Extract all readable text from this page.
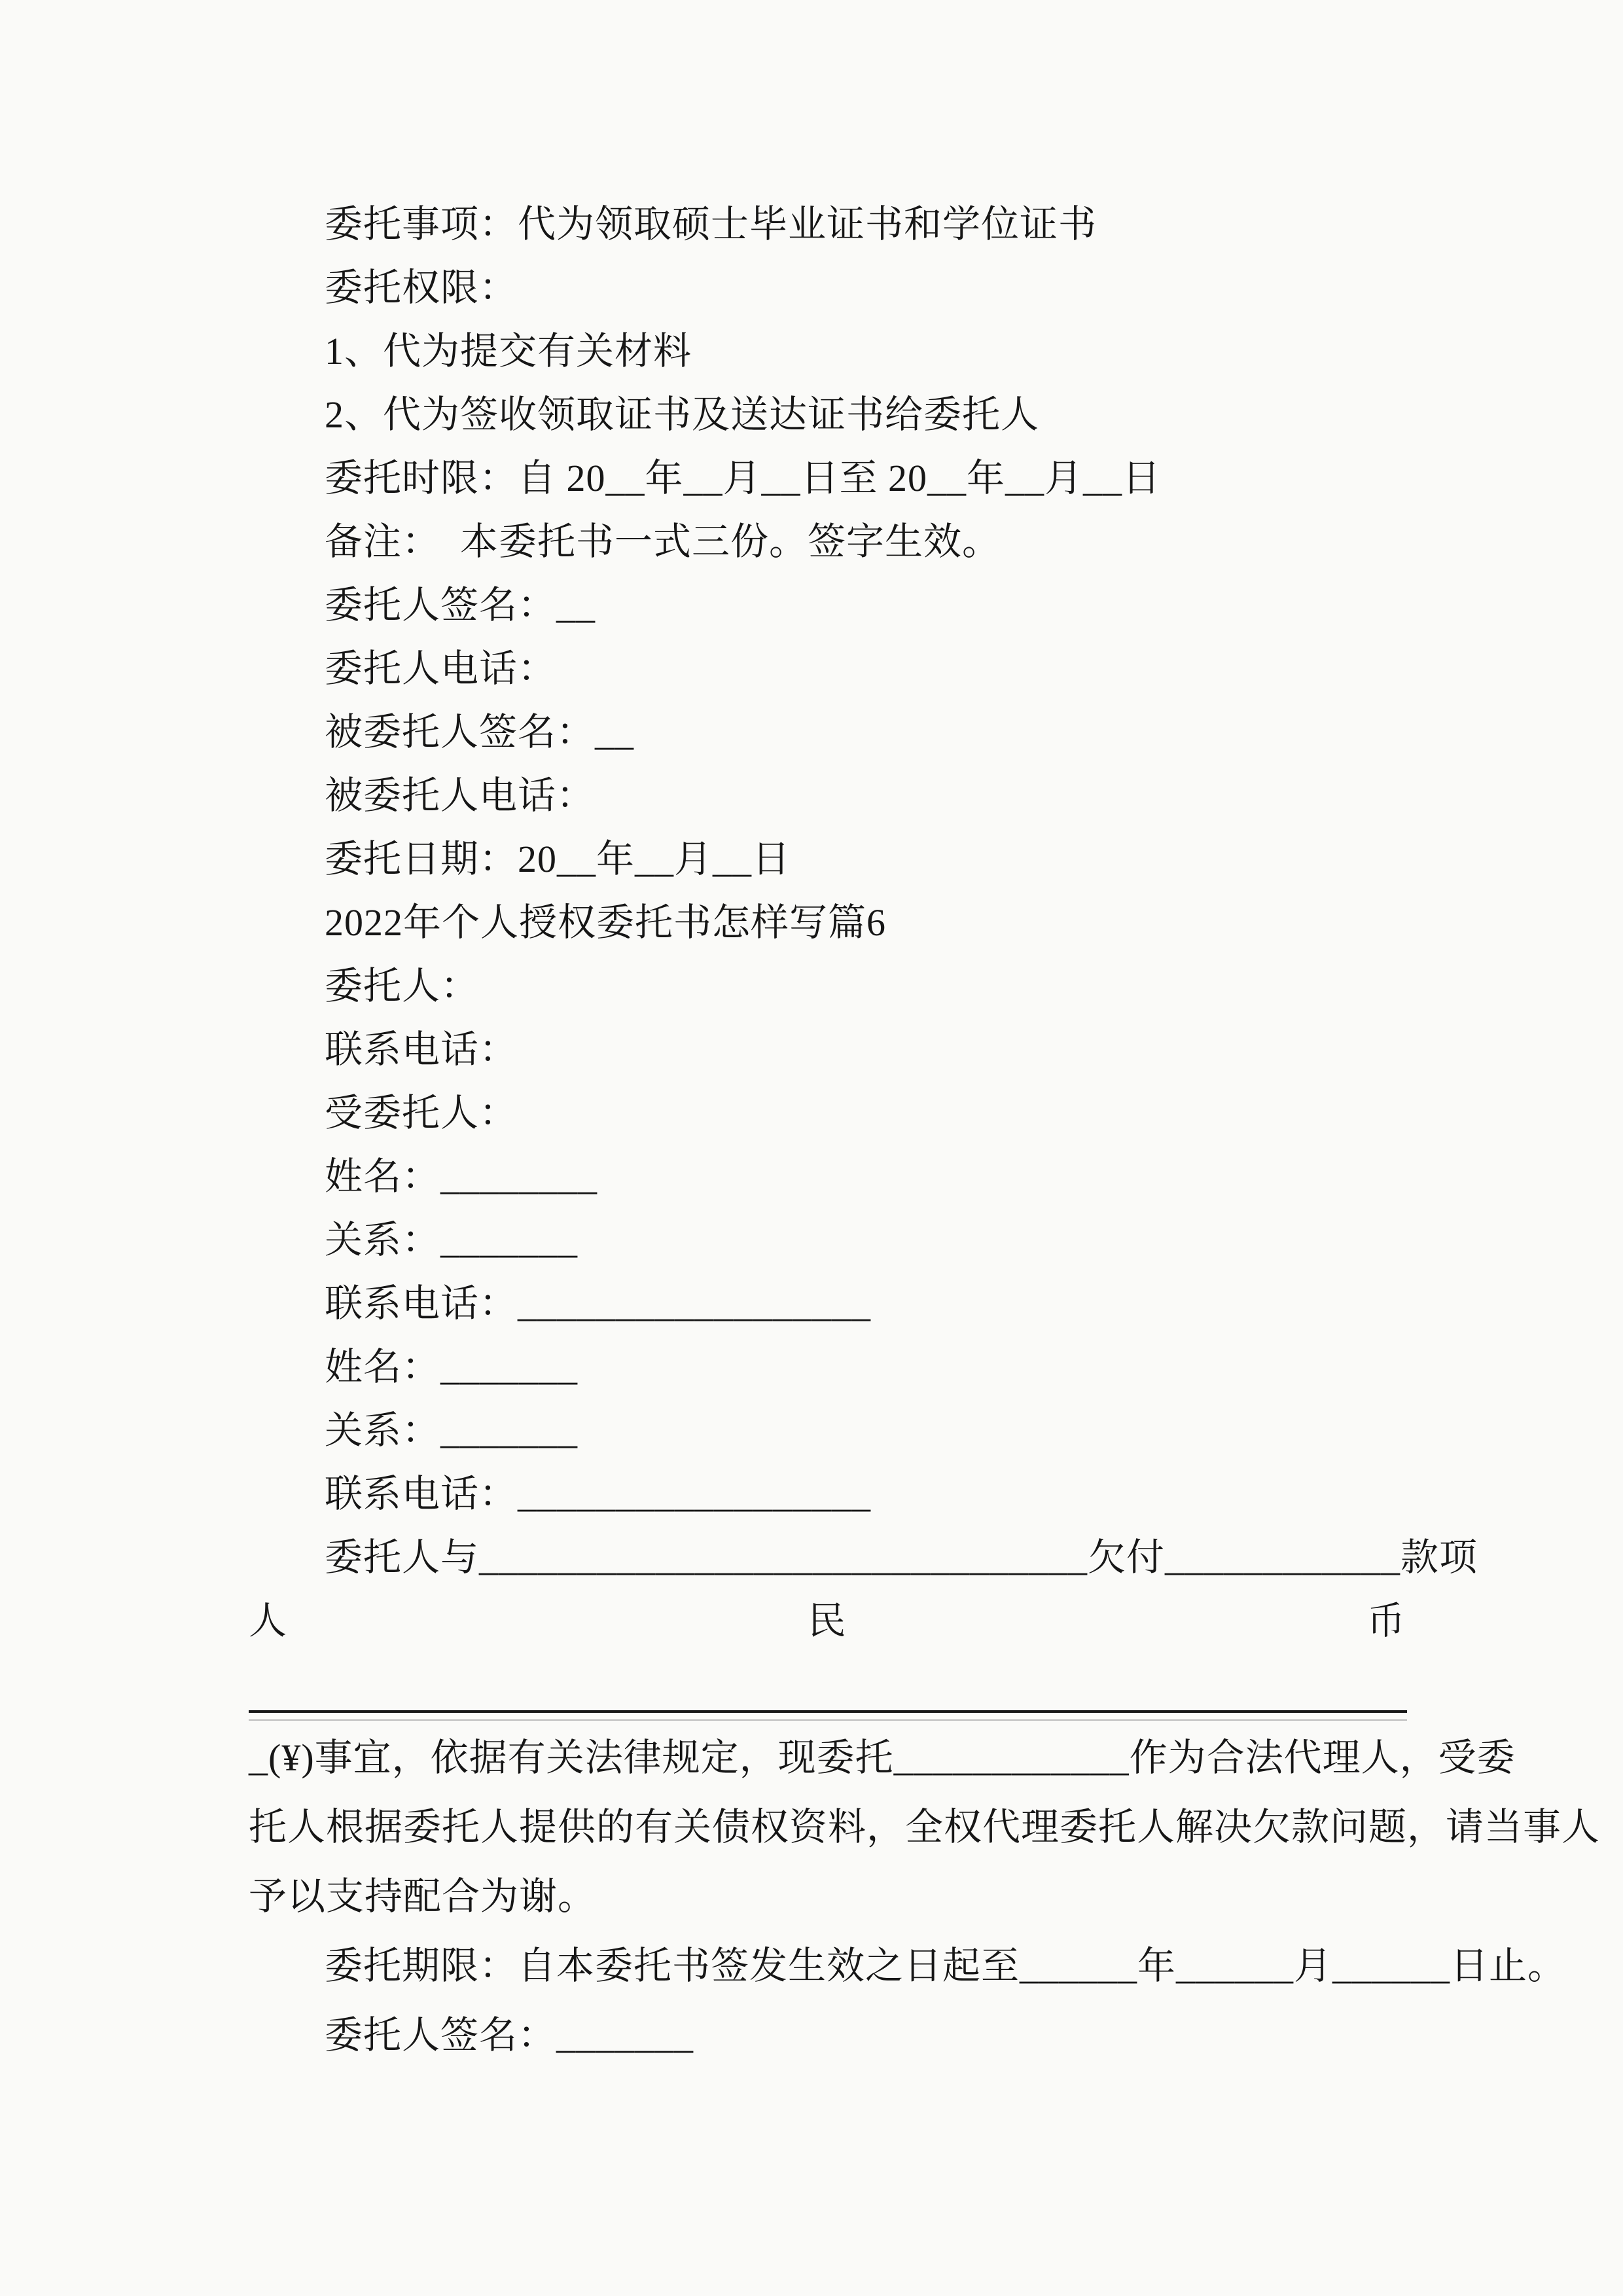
委托事项：代为领取硕士毕业证书和学位证书
委托权限：
1、代为提交有关材料
2、代为签收领取证书及送达证书给委托人
委托时限：自 20__年__月__日至 20__年__月__日
备注：　本委托书一式三份。签字生效。
委托人签名：__
委托人电话：
被委托人签名：__
被委托人电话：
委托日期：20__年__月__日
2022年个人授权委托书怎样写篇6
委托人：
联系电话：
受委托人：
姓名：________
关系：_______
联系电话：__________________
姓名：_______
关系：_______
联系电话：__________________
委托人与_______________________________欠付____________款项
人	民	币
_(¥)事宜，依据有关法律规定，现委托____________作为合法代理人，受委
托人根据委托人提供的有关债权资料，全权代理委托人解决欠款问题，请当事人
予以支持配合为谢。
委托期限：自本委托书签发生效之日起至______年______月______日止。
委托人签名：_______
